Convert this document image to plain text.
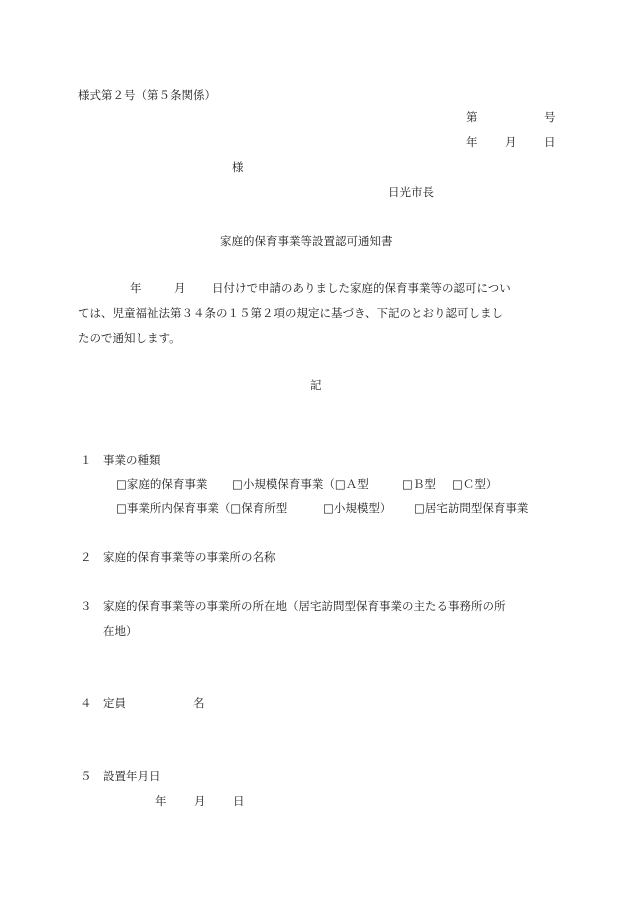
様式第２号（第５条関係）
第	号
年 月 日
様
日光市長
家庭的保育事業等設置認可通知書
年	月 日付けで申請のありました家庭的保育事業等の認可につい
ては、児童福祉法第３４条の１５第２項の規定に基づき、下記のとおり認可しまし
たので通知します。
記
１ 事業の種類
□家庭的保育事業 □小規模保育事業（□Ａ型	□Ｂ型 □Ｃ型）
□事業所内保育事業（□保育所型	□小規模型） □居宅訪問型保育事業
２ 家庭的保育事業等の事業所の名称
３ 家庭的保育事業等の事業所の所在地（居宅訪問型保育事業の主たる事務所の所
在地）
４ 定員	名
５ 設置年月日
年 月 日
